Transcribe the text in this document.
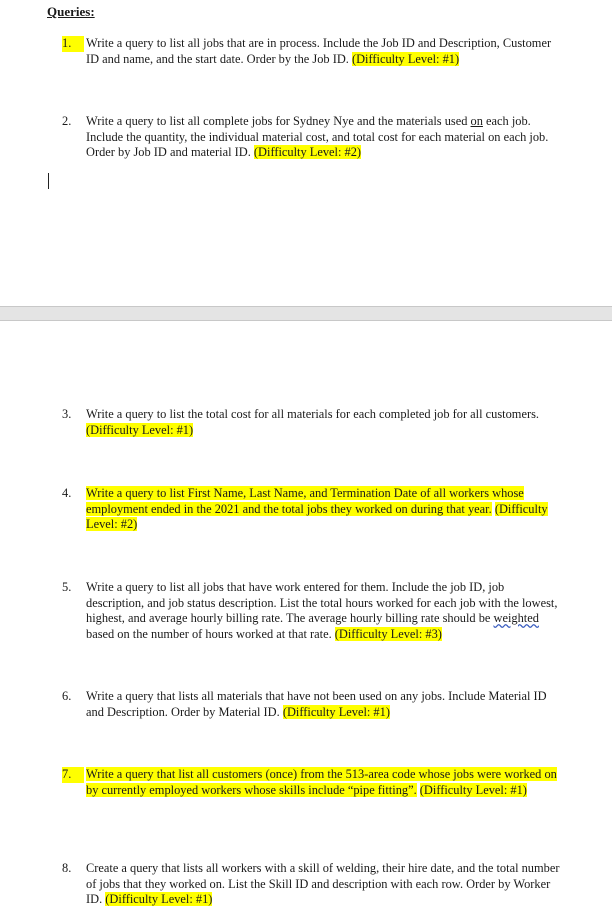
Queries:
1.	Write a query to list all jobs that are in process. Include the Job ID and Description, Customer ID and name, and the start date. Order by the Job ID. (Difficulty Level: #1)
2.	Write a query to list all complete jobs for Sydney Nye and the materials used on each job. Include the quantity, the individual material cost, and total cost for each material on each job. Order by Job ID and material ID. (Difficulty Level: #2)
3.	Write a query to list the total cost for all materials for each completed job for all customers. (Difficulty Level: #1)
4.	Write a query to list First Name, Last Name, and Termination Date of all workers whose employment ended in the 2021 and the total jobs they worked on during that year. (Difficulty Level: #2)
5.	Write a query to list all jobs that have work entered for them. Include the job ID, job description, and job status description. List the total hours worked for each job with the lowest, highest, and average hourly billing rate. The average hourly billing rate should be weighted based on the number of hours worked at that rate. (Difficulty Level: #3)
6.	Write a query that lists all materials that have not been used on any jobs. Include Material ID and Description. Order by Material ID. (Difficulty Level: #1)
7.	Write a query that list all customers (once) from the 513-area code whose jobs were worked on by currently employed workers whose skills include “pipe fitting”. (Difficulty Level: #1)
8.	Create a query that lists all workers with a skill of welding, their hire date, and the total number of jobs that they worked on. List the Skill ID and description with each row. Order by Worker ID. (Difficulty Level: #1)
